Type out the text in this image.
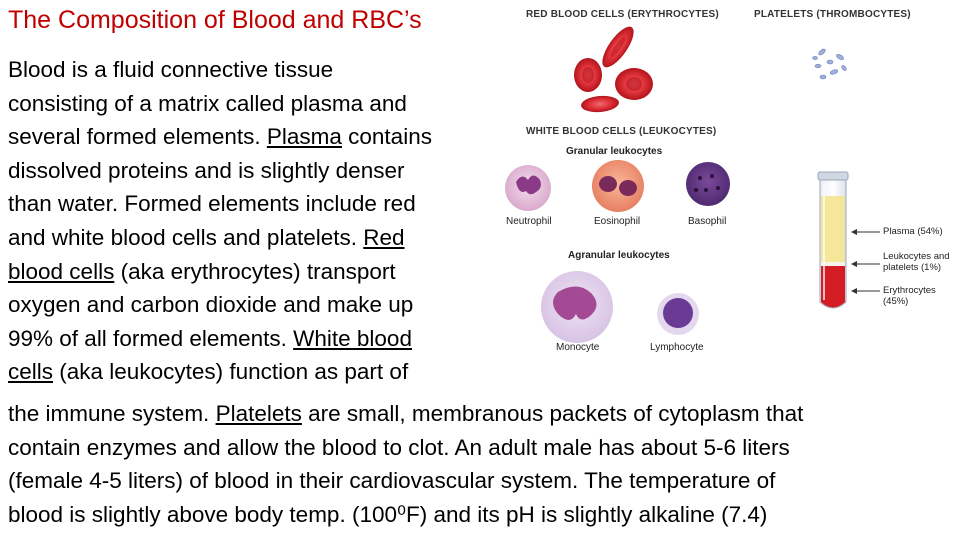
The Composition of Blood and RBC’s
Blood is a fluid connective tissue
consisting of a matrix called plasma and
several formed elements. Plasma contains
dissolved proteins and is slightly denser
than water. Formed elements include red
and white blood cells and platelets. Red
blood cells (aka erythrocytes) transport
oxygen and carbon dioxide and make up
99% of all formed elements. White blood
cells (aka leukocytes) function as part of
the immune system. Platelets are small, membranous packets of cytoplasm that
contain enzymes and allow the blood to clot. An adult male has about 5-6 liters
(female 4-5 liters) of blood in their cardiovascular system. The temperature of
blood is slightly above body temp. (100⁰F) and its pH is slightly alkaline (7.4)
RED BLOOD CELLS (ERYTHROCYTES)	PLATELETS (THROMBOCYTES)
WHITE BLOOD CELLS (LEUKOCYTES)
Granular leukocytes
Neutrophil	Eosinophil	Basophil
Agranular leukocytes
Monocyte	Lymphocyte
Plasma (54%)
Leukocytes and
platelets (1%)
Erythrocytes (45%)
